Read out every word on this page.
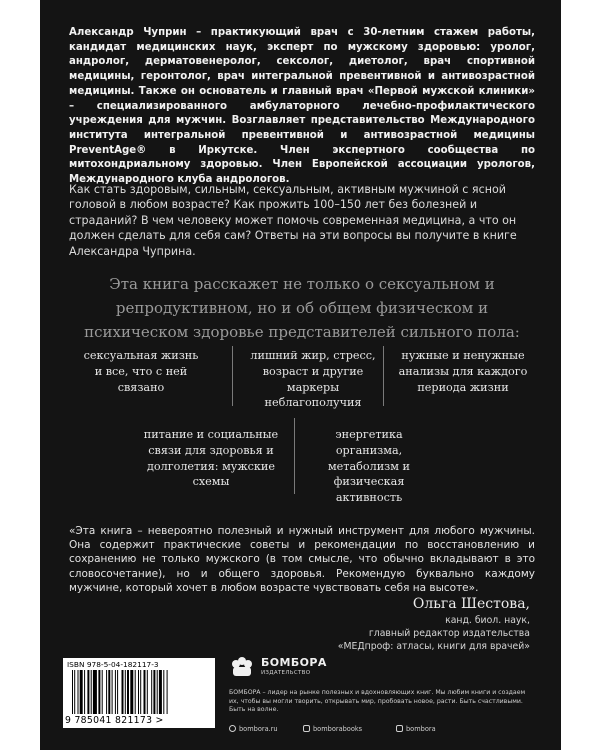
Александр Чуприн – практикующий врач с 30-летним стажем работы, кандидат медицинских наук, эксперт по мужскому здоровью: уролог, андролог, дерматовенеролог, сексолог, диетолог, врач спортивной медицины, геронтолог, врач интегральной превентивной и антивозрастной медицины. Также он основатель и главный врач «Первой мужской клиники» – специализированного амбулаторного лечебно-профилактического учреждения для мужчин. Возглавляет представительство Международного института интегральной превентивной и антивозрастной медицины PreventAge® в Иркутске. Член экспертного сообщества по митохондриальному здоровью. Член Европейской ассоциации урологов, Международного клуба андрологов.

Как стать здоровым, сильным, сексуальным, активным мужчиной с ясной головой в любом возрасте? Как прожить 100–150 лет без болезней и страданий? В чем человеку может помочь современная медицина, а что он должен сделать для себя сам? Ответы на эти вопросы вы получите в книге Александра Чуприна.

Эта книга расскажет не только о сексуальном и репродуктивном, но и об общем физическом и психическом здоровье представителей сильного пола:

сексуальная жизнь и все, что с ней связано

лишний жир, стресс, возраст и другие маркеры неблагополучия

нужные и ненужные анализы для каждого периода жизни

питание и социальные связи для здоровья и долголетия: мужские схемы

энергетика организма, метаболизм и физическая активность

«Эта книга – невероятно полезный и нужный инструмент для любого мужчины. Она содержит практические советы и рекомендации по восстановлению и сохранению не только мужского (в том смысле, что обычно вкладывают в это словосочетание), но и общего здоровья. Рекомендую буквально каждому мужчине, который хочет в любом возрасте чувствовать себя на высоте».

Ольга Шестова,

канд. биол. наук,
главный редактор издательства
«МЕДпроф: атласы, книги для врачей»

ISBN 978-5-04-182117-3

9 785041 821173 >

БОМБОРА

ИЗДАТЕЛЬСТВО

БОМБОРА – лидер на рынке полезных и вдохновляющих книг. Мы любим книги и создаем их, чтобы вы могли творить, открывать мир, пробовать новое, расти. Быть счастливыми. Быть на волне.

bombora.ru	bomborabooks	bombora
